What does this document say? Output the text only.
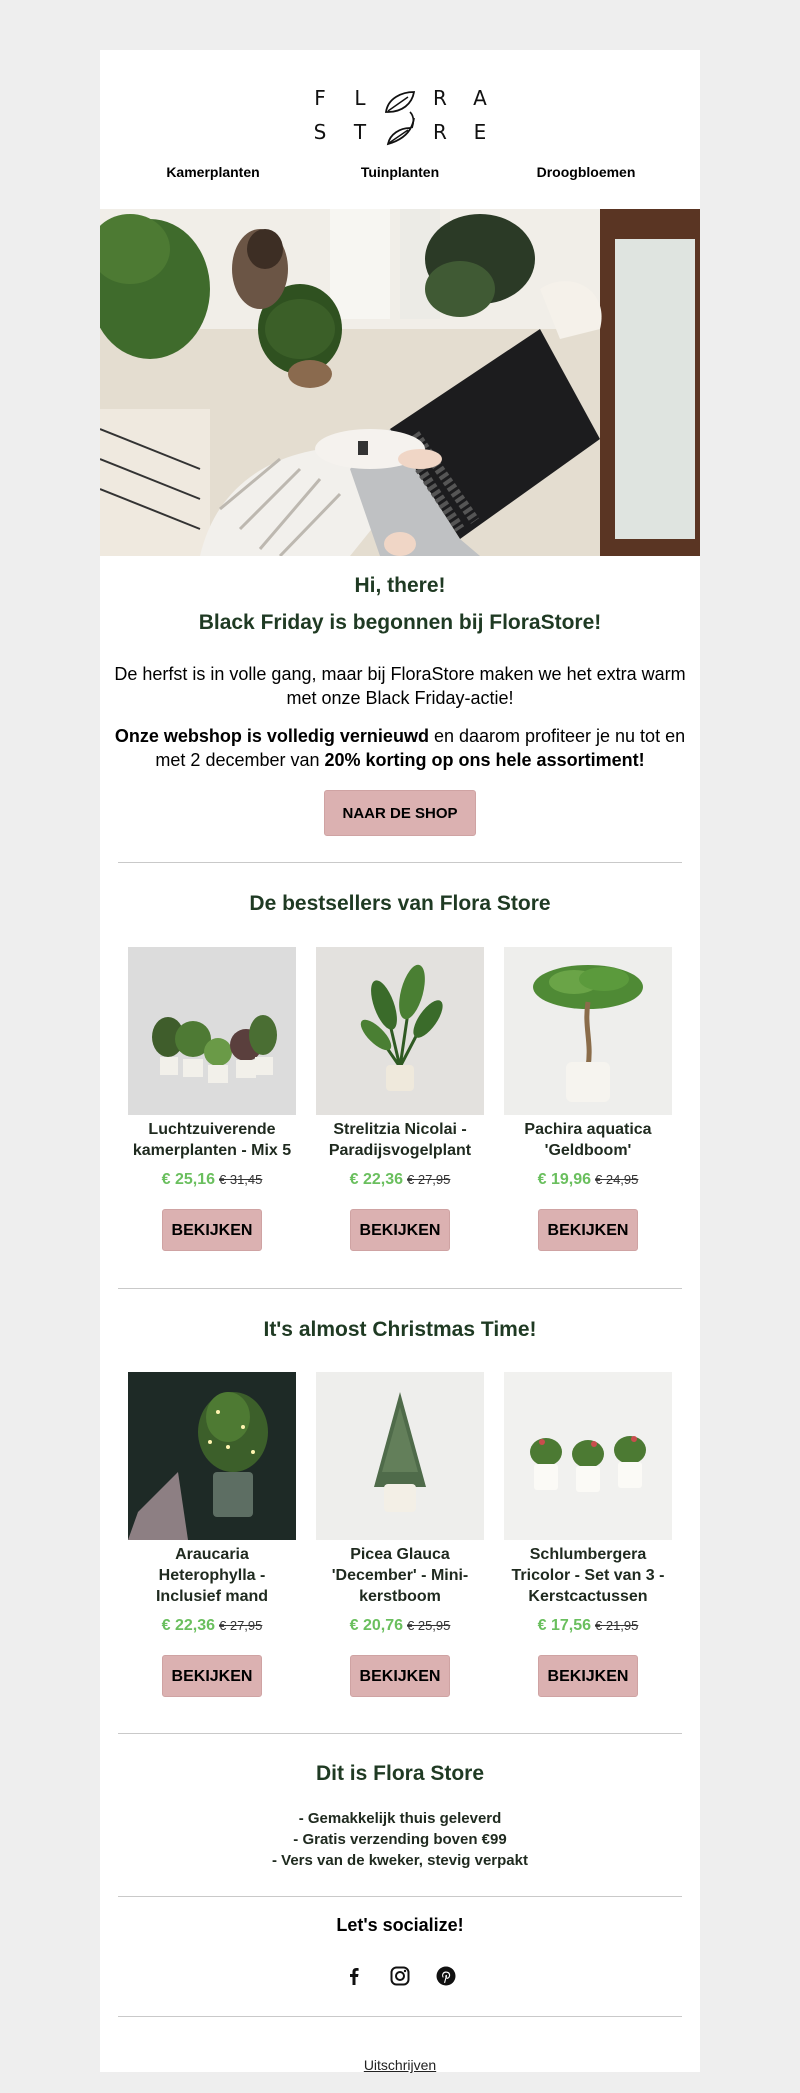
F L	R A
S T	R E
Kamerplanten	Tuinplanten	Droogbloemen
Hi, there!
Black Friday is begonnen bij FloraStore!
De herfst is in volle gang, maar bij FloraStore maken we het extra warm met onze Black Friday-actie!
Onze webshop is volledig vernieuwd en daarom profiteer je nu tot en met 2 december van 20% korting op ons hele assortiment!
NAAR DE SHOP
De bestsellers van Flora Store
Luchtzuiverende kamerplanten - Mix 5
€ 25,16 € 31,45
BEKIJKEN
Strelitzia Nicolai - Paradijsvogelplant
€ 22,36 € 27,95
BEKIJKEN
Pachira aquatica 'Geldboom'
€ 19,96 € 24,95
BEKIJKEN
It's almost Christmas Time!
Araucaria Heterophylla - Inclusief mand
€ 22,36 € 27,95
BEKIJKEN
Picea Glauca 'December' - Mini-kerstboom
€ 20,76 € 25,95
BEKIJKEN
Schlumbergera Tricolor - Set van 3 - Kerstcactussen
€ 17,56 € 21,95
BEKIJKEN
Dit is Flora Store
- Gemakkelijk thuis geleverd
- Gratis verzending boven €99
- Vers van de kweker, stevig verpakt
Let's socialize!
Uitschrijven
